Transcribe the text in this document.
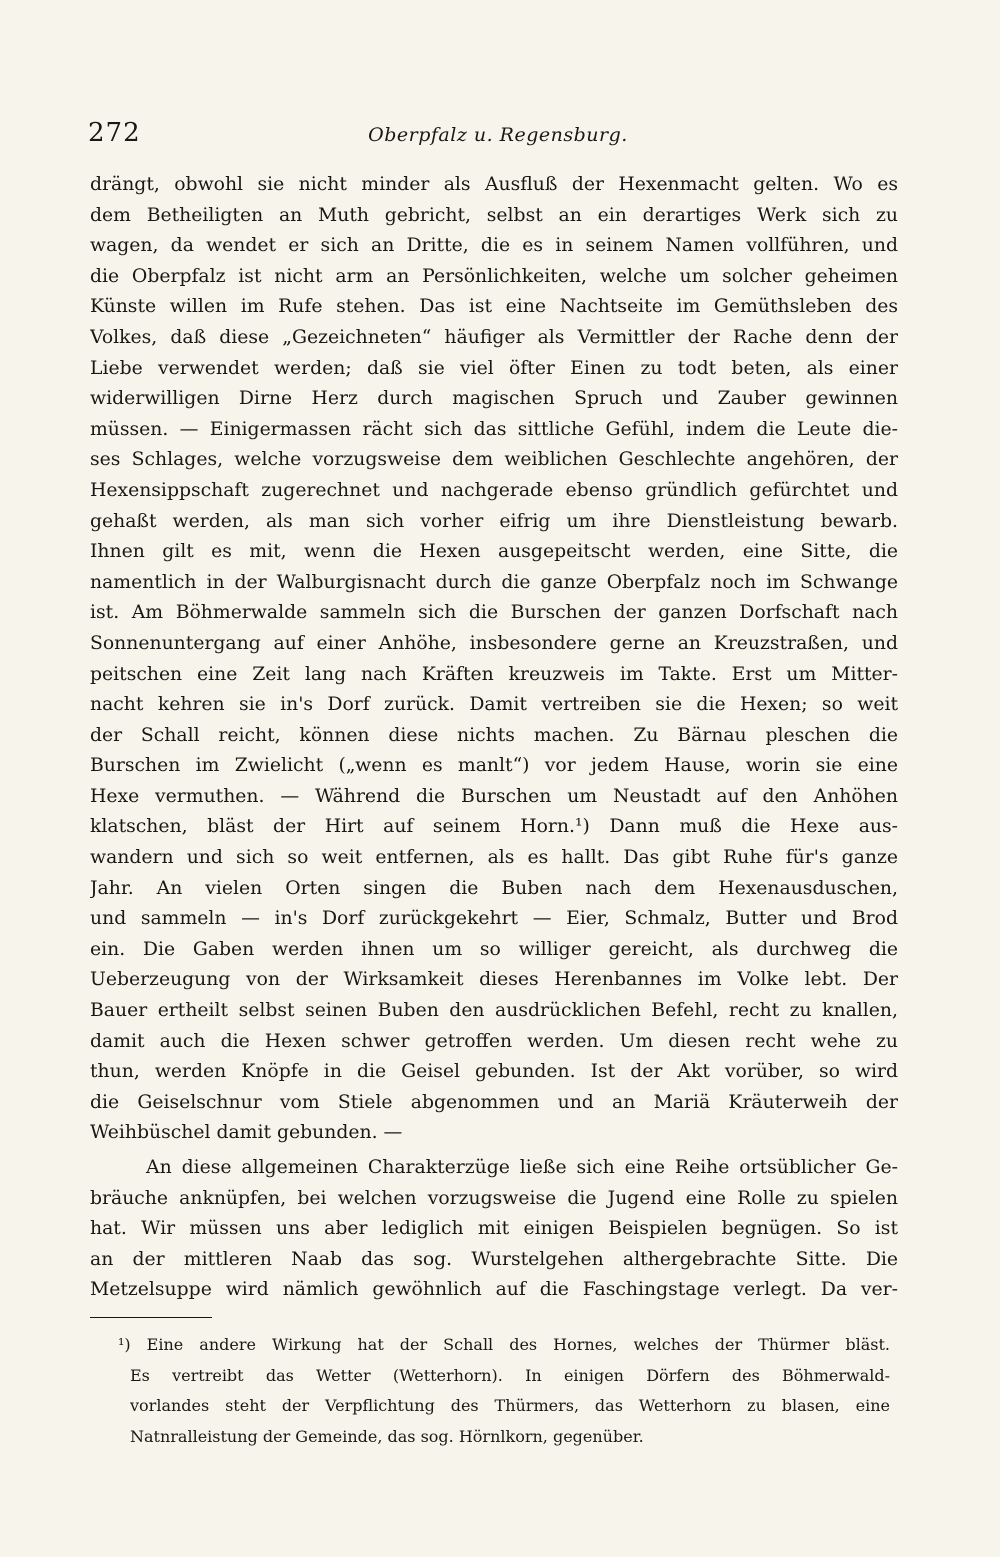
272	Oberpfalz u. Regensburg.
drängt, obwohl sie nicht minder als Ausfluß der Hexenmacht gelten. Wo es
dem Betheiligten an Muth gebricht, selbst an ein derartiges Werk sich zu
wagen, da wendet er sich an Dritte, die es in seinem Namen vollführen, und
die Oberpfalz ist nicht arm an Persönlichkeiten, welche um solcher geheimen
Künste willen im Rufe stehen. Das ist eine Nachtseite im Gemüthsleben des
Volkes, daß diese „Gezeichneten“ häufiger als Vermittler der Rache denn der
Liebe verwendet werden; daß sie viel öfter Einen zu todt beten, als einer
widerwilligen Dirne Herz durch magischen Spruch und Zauber gewinnen
müssen. — Einigermassen rächt sich das sittliche Gefühl, indem die Leute die-
ses Schlages, welche vorzugsweise dem weiblichen Geschlechte angehören, der
Hexensippschaft zugerechnet und nachgerade ebenso gründlich gefürchtet und
gehaßt werden, als man sich vorher eifrig um ihre Dienstleistung bewarb.
Ihnen gilt es mit, wenn die Hexen ausgepeitscht werden, eine Sitte, die
namentlich in der Walburgisnacht durch die ganze Oberpfalz noch im Schwange
ist. Am Böhmerwalde sammeln sich die Burschen der ganzen Dorfschaft nach
Sonnenuntergang auf einer Anhöhe, insbesondere gerne an Kreuzstraßen, und
peitschen eine Zeit lang nach Kräften kreuzweis im Takte. Erst um Mitter-
nacht kehren sie in's Dorf zurück. Damit vertreiben sie die Hexen; so weit
der Schall reicht, können diese nichts machen. Zu Bärnau pleschen die
Burschen im Zwielicht („wenn es manlt“) vor jedem Hause, worin sie eine
Hexe vermuthen. — Während die Burschen um Neustadt auf den Anhöhen
klatschen, bläst der Hirt auf seinem Horn.¹) Dann muß die Hexe aus-
wandern und sich so weit entfernen, als es hallt. Das gibt Ruhe für's ganze
Jahr. An vielen Orten singen die Buben nach dem Hexenausduschen,
und sammeln — in's Dorf zurückgekehrt — Eier, Schmalz, Butter und Brod
ein. Die Gaben werden ihnen um so williger gereicht, als durchweg die
Ueberzeugung von der Wirksamkeit dieses Herenbannes im Volke lebt. Der
Bauer ertheilt selbst seinen Buben den ausdrücklichen Befehl, recht zu knallen,
damit auch die Hexen schwer getroffen werden. Um diesen recht wehe zu
thun, werden Knöpfe in die Geisel gebunden. Ist der Akt vorüber, so wird
die Geiselschnur vom Stiele abgenommen und an Mariä Kräuterweih der
Weihbüschel damit gebunden. —
An diese allgemeinen Charakterzüge ließe sich eine Reihe ortsüblicher Ge-
bräuche anknüpfen, bei welchen vorzugsweise die Jugend eine Rolle zu spielen
hat. Wir müssen uns aber lediglich mit einigen Beispielen begnügen. So ist
an der mittleren Naab das sog. Wurstelgehen althergebrachte Sitte. Die
Metzelsuppe wird nämlich gewöhnlich auf die Faschingstage verlegt. Da ver-
¹) Eine andere Wirkung hat der Schall des Hornes, welches der Thürmer bläst.
Es vertreibt das Wetter (Wetterhorn). In einigen Dörfern des Böhmerwald-
vorlandes steht der Verpflichtung des Thürmers, das Wetterhorn zu blasen, eine
Natnralleistung der Gemeinde, das sog. Hörnlkorn, gegenüber.
